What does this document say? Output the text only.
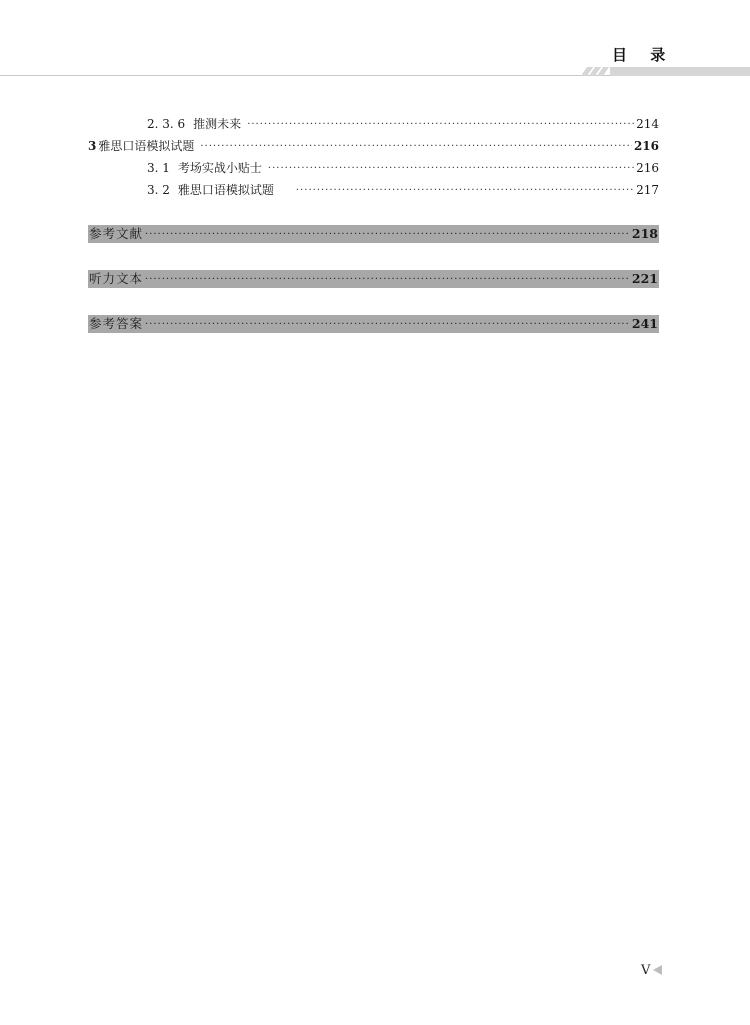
目 录
2. 3. 6 推测未来 ·····	214
3 雅思口语模拟试题 ·····	216
3. 1 考场实战小贴士 ·····	216
3. 2 雅思口语模拟试题 ·····	217
参考文献 ·····	218
听力文本 ·····	221
参考答案 ·····	241
V
